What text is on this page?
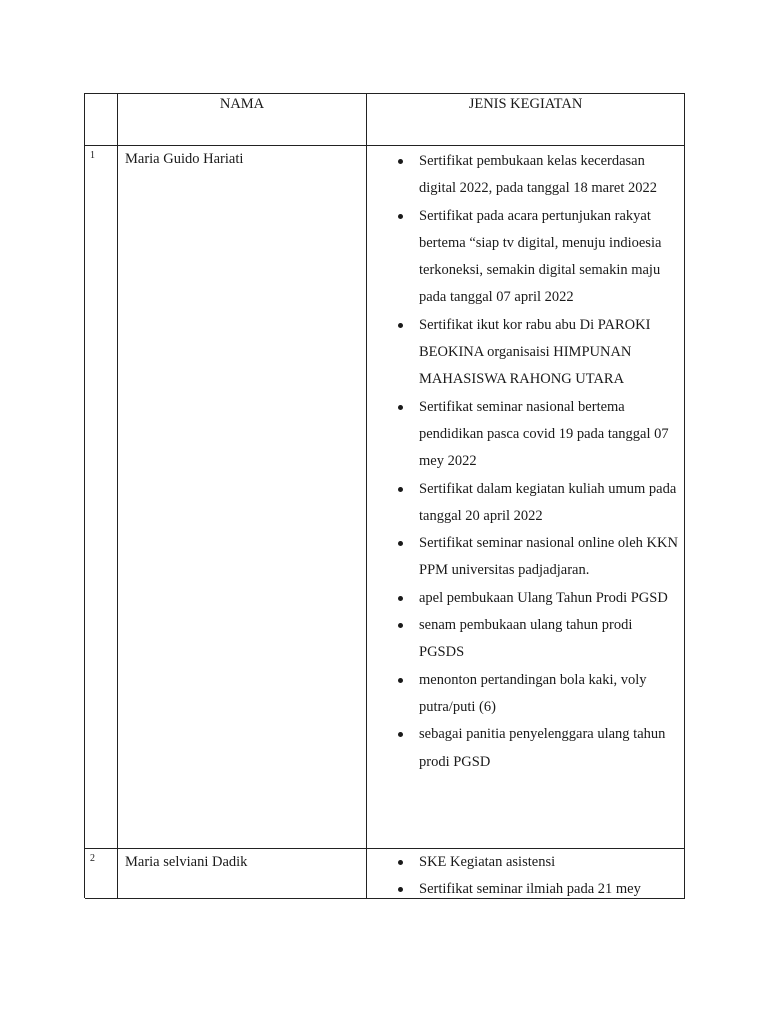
NAMA	JENIS KEGIATAN
1	Maria Guido Hariati	Sertifikat pembukaan kelas kecerdasan digital 2022, pada tanggal 18 maret 2022
Sertifikat pada acara pertunjukan rakyat bertema “siap tv digital, menuju indioesia terkoneksi, semakin digital semakin maju pada tanggal 07 april 2022
Sertifikat ikut kor rabu abu Di PAROKI BEOKINA organisaisi HIMPUNAN MAHASISWA RAHONG UTARA
Sertifikat seminar nasional bertema pendidikan pasca covid 19 pada tanggal 07 mey 2022
Sertifikat dalam kegiatan kuliah umum pada tanggal 20 april 2022
Sertifikat seminar nasional online oleh KKN PPM universitas padjadjaran.
apel pembukaan Ulang Tahun Prodi PGSD
senam pembukaan ulang tahun prodi PGSDS
menonton pertandingan bola kaki, voly putra/puti (6)
sebagai panitia penyelenggara ulang tahun prodi PGSD
2	Maria selviani Dadik	SKE Kegiatan asistensi
Sertifikat seminar ilmiah pada 21 mey
